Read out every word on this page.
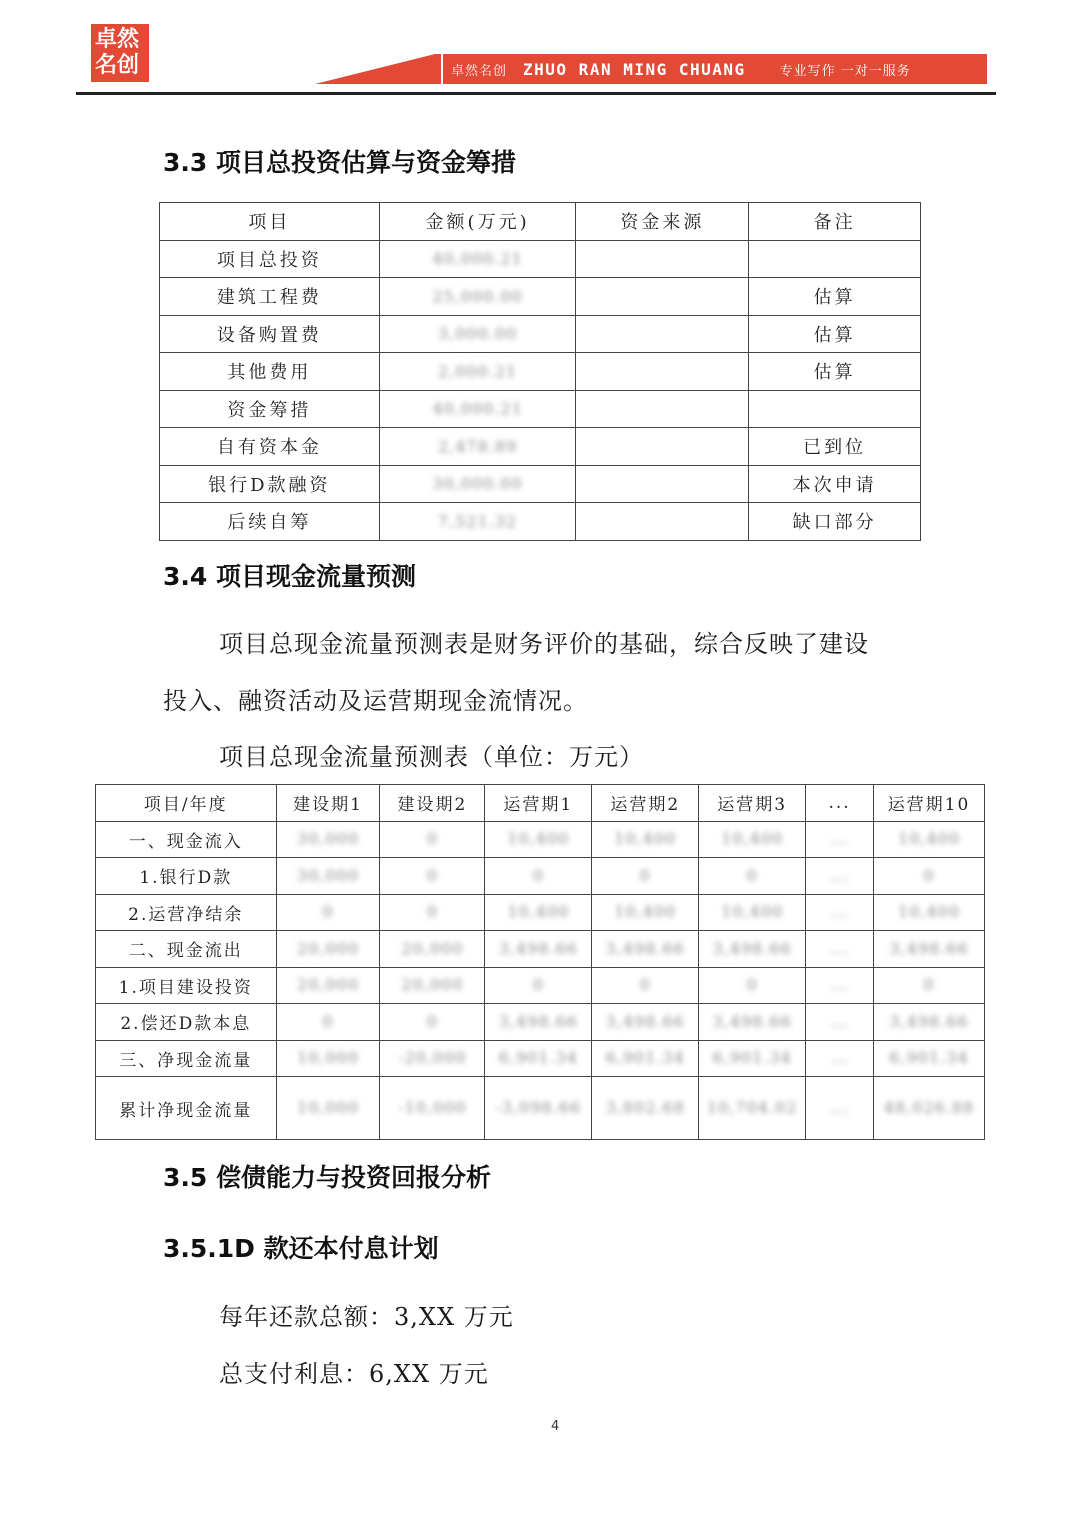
卓然
名创	卓然名创 ZHUO RAN MING CHUANG	专业写作 一对一服务
3.3 项目总投资估算与资金筹措
项目	金额(万元)	资金来源	备注
项目总投资	40,000.21		
建筑工程费	25,000.00		估算
设备购置费	3,000.00		估算
其他费用	2,000.21		估算
资金筹措	40,000.21		
自有资本金	2,478.89		已到位
银行D款融资	30,000.00		本次申请
后续自筹	7,521.32		缺口部分
3.4 项目现金流量预测
项目总现金流量预测表是财务评价的基础，综合反映了建设
投入、融资活动及运营期现金流情况。
项目总现金流量预测表（单位：万元）
项目/年度	建设期1	建设期2	运营期1	运营期2	运营期3	...	运营期10
一、现金流入	30,000	0	10,400	10,400	10,400	...	10,400
1.银行D款	30,000	0	0	0	0	...	0
2.运营净结余	0	0	10,400	10,400	10,400	...	10,400
二、现金流出	20,000	20,000	3,498.66	3,498.66	3,498.66	...	3,498.66
1.项目建设投资	20,000	20,000	0	0	0	...	0
2.偿还D款本息	0	0	3,498.66	3,498.66	3,498.66	...	3,498.66
三、净现金流量	10,000	-20,000	6,901.34	6,901.34	6,901.34	...	6,901.34
累计净现金流量	10,000	-10,000	-3,098.66	3,802.68	10,704.02	...	48,026.88
3.5 偿债能力与投资回报分析
3.5.1D 款还本付息计划
每年还款总额：3,XX 万元
总支付利息：6,XX 万元
4
